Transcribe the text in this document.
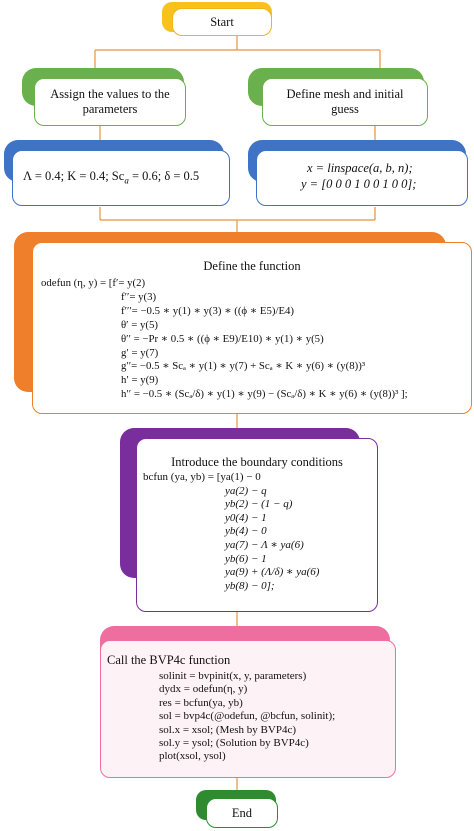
Start
Assign the values to the parameters
Define mesh and initial guess
Λ = 0.4; K = 0.4; $Sc_a = 0.6$; δ = 0.5
x = linspace(a, b, n);
y = [0 0 0 1 0 0 1 0 0];
Define the function
odefun (η, y) = [f′= y(2)
f′′= y(3)
f′′′= −0.5 ∗ y(1) ∗ y(3) ∗ ((ϕ ∗ E5)/E4)
θ′ = y(5)
θ′′ = −Pr ∗ 0.5 ∗ ((ϕ ∗ E9)/E10) ∗ y(1) ∗ y(5)
g′ = y(7)
g′′= −0.5 ∗ Scₐ ∗ y(1) ∗ y(7) + Scₐ ∗ K ∗ y(6) ∗ (y(8))³
h′ = y(9)
h′′ = −0.5 ∗ (Scₐ/δ) ∗ y(1) ∗ y(9) − (Scₐ/δ) ∗ K ∗ y(6) ∗ (y(8))³ ];
Introduce the boundary conditions
bcfun (ya, yb) = [ya(1) − 0
ya(2) − q
yb(2) − (1 − q)
y0(4) − 1
yb(4) − 0
ya(7) − Λ ∗ ya(6)
yb(6) − 1
ya(9) + (Λ/δ) ∗ ya(6)
yb(8) − 0];
Call the BVP4c function
solinit = bvpinit(x, y, parameters)
dydx = odefun(η, y)
res = bcfun(ya, yb)
sol = bvp4c(@odefun, @bcfun, solinit);
sol.x = xsol; (Mesh by BVP4c)
sol.y = ysol; (Solution by BVP4c)
plot(xsol, ysol)
End
